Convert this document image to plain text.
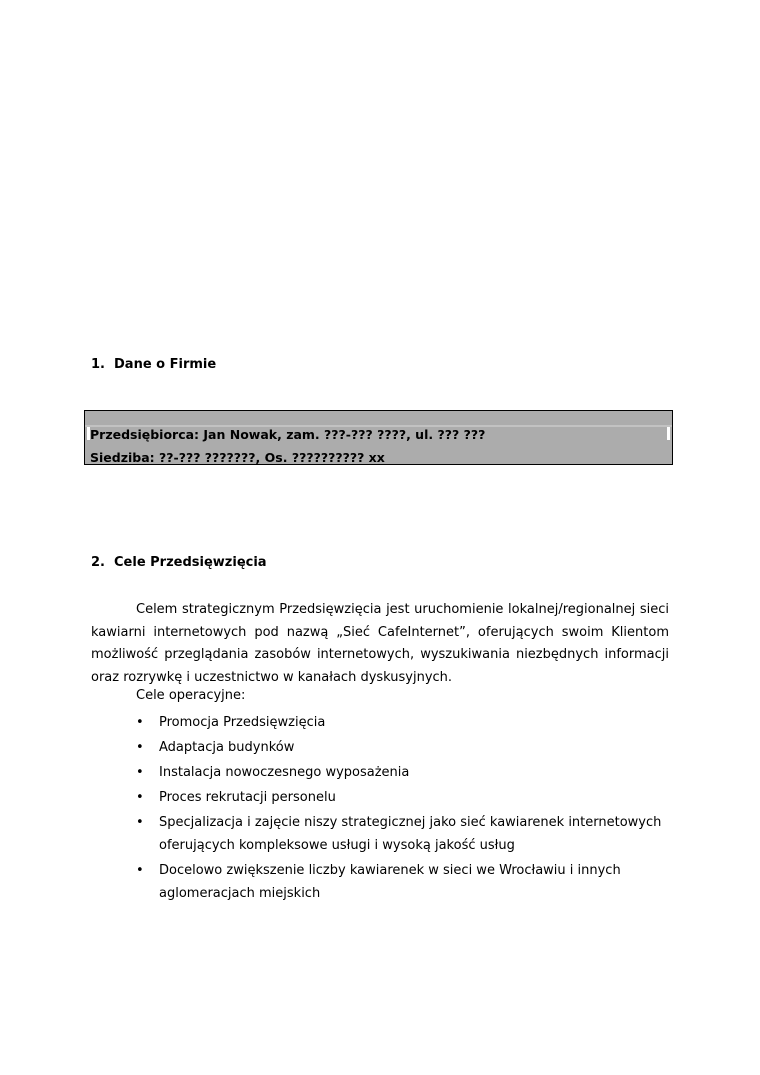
1. Dane o Firmie
Przedsiębiorca: Jan Nowak, zam. ???-??? ????, ul. ??? ???
Siedziba: ??-??? ???????, Os. ?????????? xx
2. Cele Przedsięwzięcia

Celem strategicznym Przedsięwzięcia jest uruchomienie lokalnej/regionalnej sieci kawiarni internetowych pod nazwą „Sieć CafeInternet”, oferujących swoim Klientom możliwość przeglądania zasobów internetowych, wyszukiwania niezbędnych informacji oraz rozrywkę i uczestnictwo w kanałach dyskusyjnych.

Cele operacyjne:
• Promocja Przedsięwzięcia
• Adaptacja budynków
• Instalacja nowoczesnego wyposażenia
• Proces rekrutacji personelu
• Specjalizacja i zajęcie niszy strategicznej jako sieć kawiarenek internetowych oferujących kompleksowe usługi i wysoką jakość usług
• Docelowo zwiększenie liczby kawiarenek w sieci we Wrocławiu i innych aglomeracjach miejskich
